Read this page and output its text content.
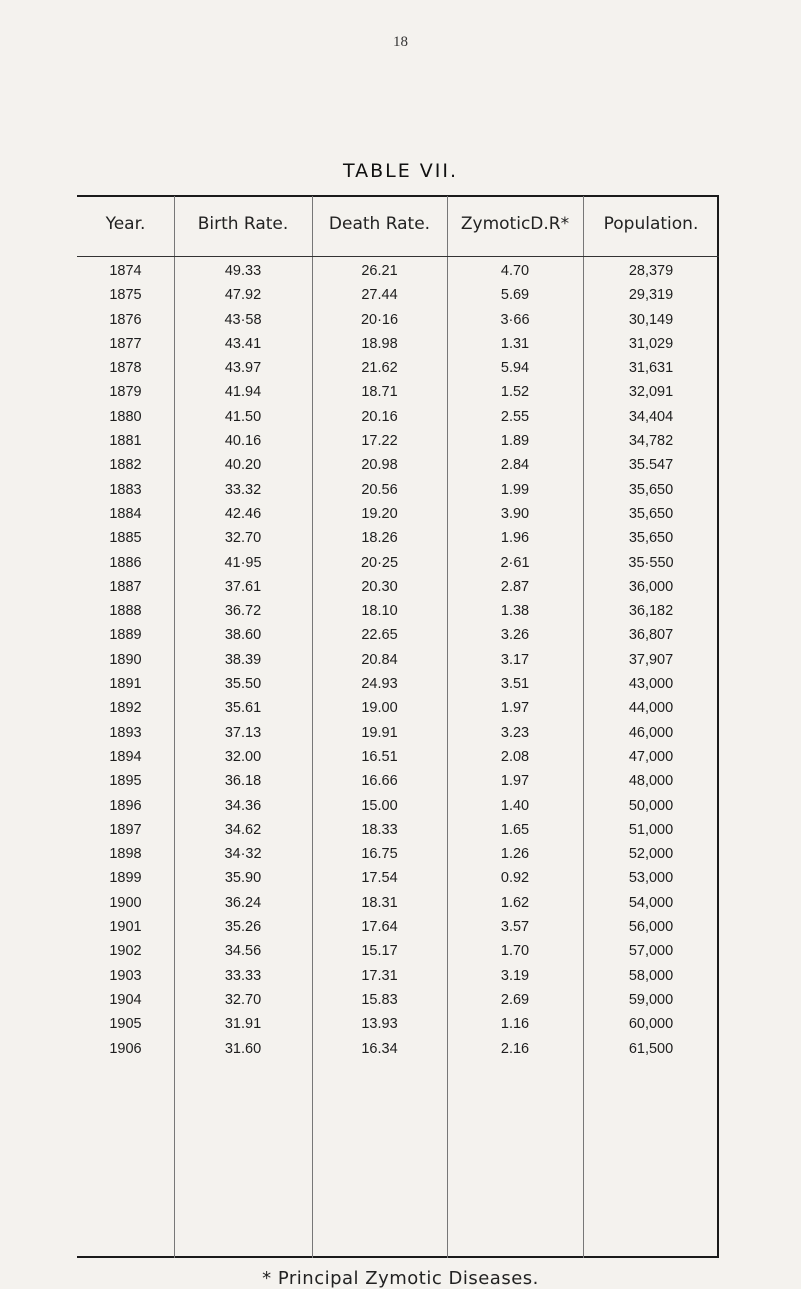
18
TABLE VII.
Year.	Birth Rate.	Death Rate.	ZymoticD.R*	Population.
1874	49.33	26.21	4.70	28,379
1875	47.92	27.44	5.69	29,319
1876	43·58	20·16	3·66	30,149
1877	43.41	18.98	1.31	31,029
1878	43.97	21.62	5.94	31,631
1879	41.94	18.71	1.52	32,091
1880	41.50	20.16	2.55	34,404
1881	40.16	17.22	1.89	34,782
1882	40.20	20.98	2.84	35.547
1883	33.32	20.56	1.99	35,650
1884	42.46	19.20	3.90	35,650
1885	32.70	18.26	1.96	35,650
1886	41·95	20·25	2·61	35·550
1887	37.61	20.30	2.87	36,000
1888	36.72	18.10	1.38	36,182
1889	38.60	22.65	3.26	36,807
1890	38.39	20.84	3.17	37,907
1891	35.50	24.93	3.51	43,000
1892	35.61	19.00	1.97	44,000
1893	37.13	19.91	3.23	46,000
1894	32.00	16.51	2.08	47,000
1895	36.18	16.66	1.97	48,000
1896	34.36	15.00	1.40	50,000
1897	34.62	18.33	1.65	51,000
1898	34·32	16.75	1.26	52,000
1899	35.90	17.54	0.92	53,000
1900	36.24	18.31	1.62	54,000
1901	35.26	17.64	3.57	56,000
1902	34.56	15.17	1.70	57,000
1903	33.33	17.31	3.19	58,000
1904	32.70	15.83	2.69	59,000
1905	31.91	13.93	1.16	60,000
1906	31.60	16.34	2.16	61,500
* Principal Zymotic Diseases.
